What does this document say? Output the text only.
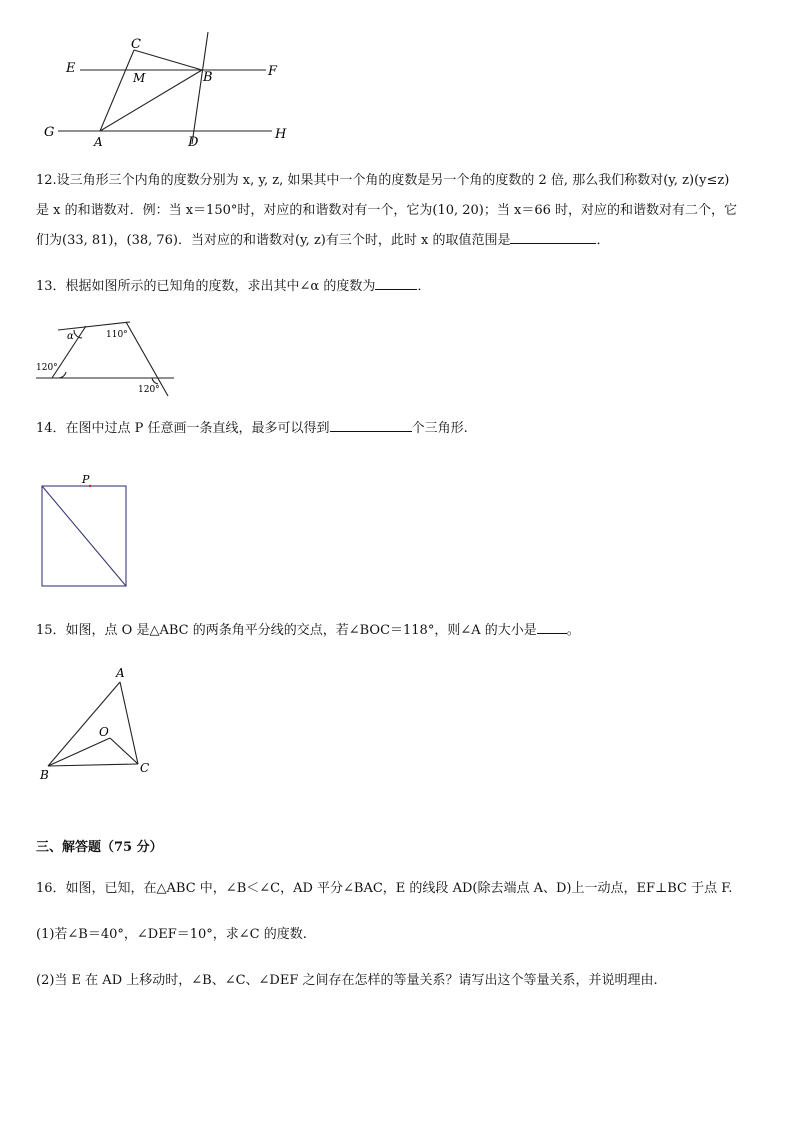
C
E
M	B	F
G
A	D
H
12.设三角形三个内角的度数分别为 x, y, z, 如果其中一个角的度数是另一个角的度数的 2 倍, 那么我们称数对(y, z)(y≤z)
是 x 的和谐数对．例：当 x＝150°时，对应的和谐数对有一个，它为(10, 20)；当 x＝66 时，对应的和谐数对有二个，它
们为(33, 81)，(38, 76)．当对应的和谐数对(y, z)有三个时，此时 x 的取值范围是	．
13．根据如图所示的已知角的度数，求出其中∠α 的度数为	．
α	110°
120°
120°
14．在图中过点 P 任意画一条直线，最多可以得到	个三角形.
P
15．如图，点 O 是△ABC 的两条角平分线的交点，若∠BOC＝118°，则∠A 的大小是 。
A
O
B	C
三、解答题（75 分）
16．如图，已知，在△ABC 中，∠B＜∠C，AD 平分∠BAC，E 的线段 AD(除去端点 A、D)上一动点，EF⊥BC 于点 F.
(1)若∠B＝40°，∠DEF＝10°，求∠C 的度数.
(2)当 E 在 AD 上移动时，∠B、∠C、∠DEF 之间存在怎样的等量关系？请写出这个等量关系，并说明理由.
